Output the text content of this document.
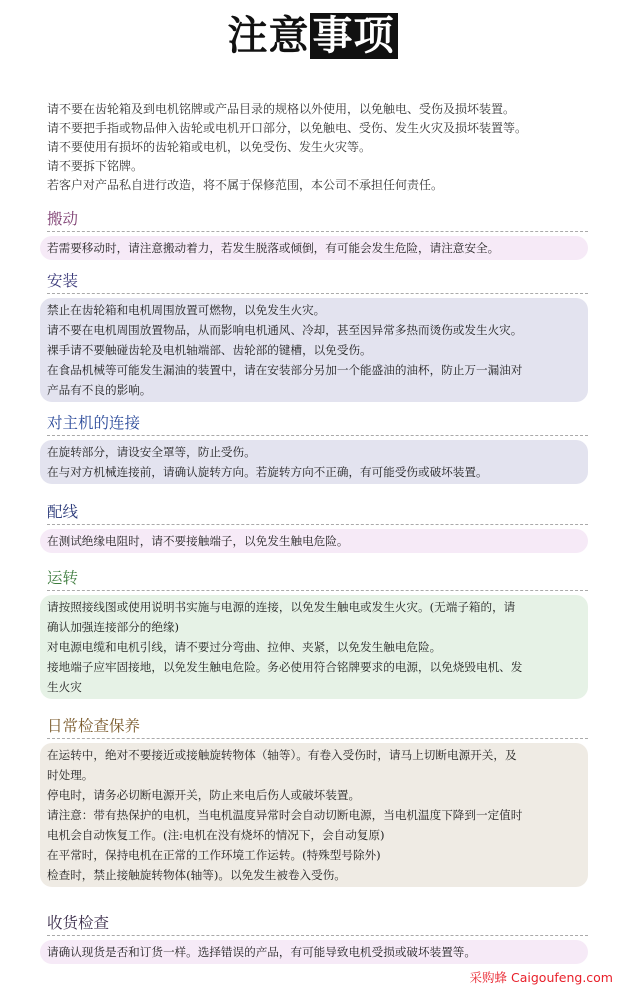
注意事项
请不要在齿轮箱及到电机铭牌或产品目录的规格以外使用，以免触电、受伤及损坏装置。
请不要把手指或物品伸入齿轮或电机开口部分，以免触电、受伤、发生火灾及损坏装置等。
请不要使用有损坏的齿轮箱或电机，以免受伤、发生火灾等。
请不要拆下铭牌。
若客户对产品私自进行改造，将不属于保修范围，本公司不承担任何责任。
搬动
若需要移动时，请注意搬动着力，若发生脱落或倾倒，有可能会发生危险，请注意安全。
安装
禁止在齿轮箱和电机周围放置可燃物，以免发生火灾。
请不要在电机周围放置物品，从而影响电机通风、冷却，甚至因异常多热而烫伤或发生火灾。
裸手请不要触碰齿轮及电机轴端部、齿轮部的键槽，以免受伤。
在食品机械等可能发生漏油的装置中，请在安装部分另加一个能盛油的油杯，防止万一漏油对
产品有不良的影响。
对主机的连接
在旋转部分，请设安全罩等，防止受伤。
在与对方机械连接前，请确认旋转方向。若旋转方向不正确，有可能受伤或破坏装置。
配线
在测试绝缘电阻时，请不要接触端子，以免发生触电危险。
运转
请按照接线图或使用说明书实施与电源的连接，以免发生触电或发生火灾。(无端子箱的，请
确认加强连接部分的绝缘)
对电源电缆和电机引线，请不要过分弯曲、拉伸、夹紧，以免发生触电危险。
接地端子应牢固接地，以免发生触电危险。务必使用符合铭牌要求的电源，以免烧毁电机、发
生火灾
日常检查保养
在运转中，绝对不要接近或接触旋转物体（轴等）。有卷入受伤时，请马上切断电源开关，及
时处理。
停电时，请务必切断电源开关，防止来电后伤人或破坏装置。
请注意：带有热保护的电机，当电机温度异常时会自动切断电源，当电机温度下降到一定值时
电机会自动恢复工作。(注:电机在没有烧坏的情况下，会自动复原)
在平常时，保持电机在正常的工作环境工作运转。(特殊型号除外)
检查时，禁止接触旋转物体(轴等)。以免发生被卷入受伤。
收货检查
请确认现货是否和订货一样。选择错误的产品，有可能导致电机受损或破坏装置等。
采购蜂 Caigoufeng.com
